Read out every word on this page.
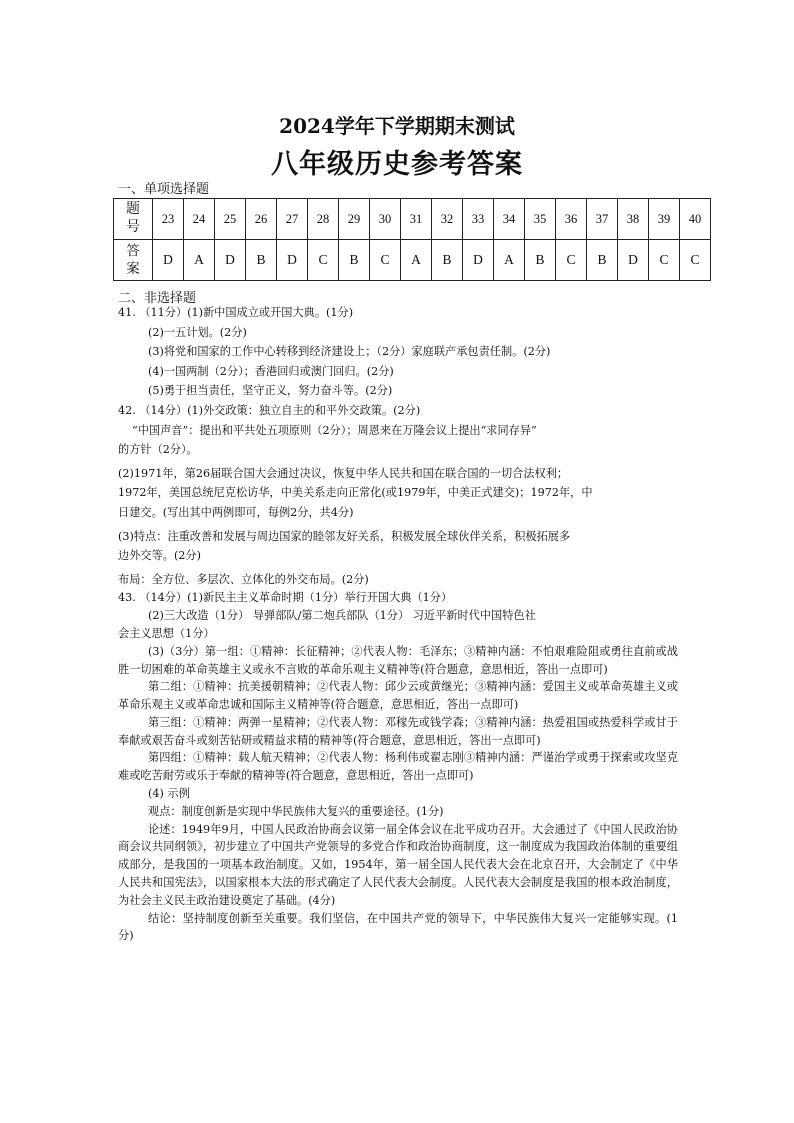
2024学年下学期期末测试
八年级历史参考答案
一、单项选择题
题
号	23	24	25	26	27	28	29	30	31	32	33	34	35	36	37	38	39	40
答
案	D	A	D	B	D	C	B	C	A	B	D	A	B	C	B	D	C	C
二、非选择题
41. （11分）(1)新中国成立或开国大典。(1分)
(2)一五计划。(2分)
(3)将党和国家的工作中心转移到经济建设上；（2分）家庭联产承包责任制。(2分)
(4)一国两制（2分）；香港回归或澳门回归。(2分)
(5)勇于担当责任，坚守正义，努力奋斗等。(2分)
42. （14分）(1)外交政策：独立自主的和平外交政策。(2分)
“中国声音”：提出和平共处五项原则（2分）；周恩来在万隆会议上提出“求同存异”
的方针（2分）。
(2)1971年，第26届联合国大会通过决议，恢复中华人民共和国在联合国的一切合法权利；
1972年，美国总统尼克松访华，中美关系走向正常化(或1979年，中美正式建交)；1972年，中
日建交。(写出其中两例即可，每例2分，共4分)
(3)特点：注重改善和发展与周边国家的睦邻友好关系，积极发展全球伙伴关系，积极拓展多
边外交等。(2分)
布局：全方位、多层次、立体化的外交布局。(2分)
43. （14分）(1)新民主主义革命时期（1分）举行开国大典（1分）
(2)三大改造（1分） 导弹部队/第二炮兵部队（1分） 习近平新时代中国特色社
会主义思想（1分）
(3)（3分）第一组：①精神：长征精神；②代表人物：毛泽东；③精神内涵：不怕艰难险阻或勇往直前或战胜一切困难的革命英雄主义或永不言败的革命乐观主义精神等(符合题意，意思相近，答出一点即可)
第二组：①精神：抗美援朝精神；②代表人物：邱少云或黄继光；③精神内涵：爱国主义或革命英雄主义或革命乐观主义或革命忠诚和国际主义精神等(符合题意，意思相近，答出一点即可)
第三组：①精神：两弹一星精神；②代表人物：邓稼先或钱学森；③精神内涵：热爱祖国或热爱科学或甘于奉献或艰苦奋斗或刻苦钻研或精益求精的精神等(符合题意，意思相近，答出一点即可)
第四组：①精神：载人航天精神；②代表人物：杨利伟或翟志刚③精神内涵：严谨治学或勇于探索或攻坚克难或吃苦耐劳或乐于奉献的精神等(符合题意，意思相近，答出一点即可)
(4) 示例
观点：制度创新是实现中华民族伟大复兴的重要途径。(1分)
论述：1949年9月，中国人民政治协商会议第一届全体会议在北平成功召开。大会通过了《中国人民政治协商会议共同纲领》，初步建立了中国共产党领导的多党合作和政治协商制度，这一制度成为我国政治体制的重要组成部分，是我国的一项基本政治制度。又如，1954年，第一届全国人民代表大会在北京召开，大会制定了《中华人民共和国宪法》，以国家根本大法的形式确定了人民代表大会制度。人民代表大会制度是我国的根本政治制度，为社会主义民主政治建设奠定了基础。(4分)
结论：坚持制度创新至关重要。我们坚信，在中国共产党的领导下，中华民族伟大复兴一定能够实现。(1分)
